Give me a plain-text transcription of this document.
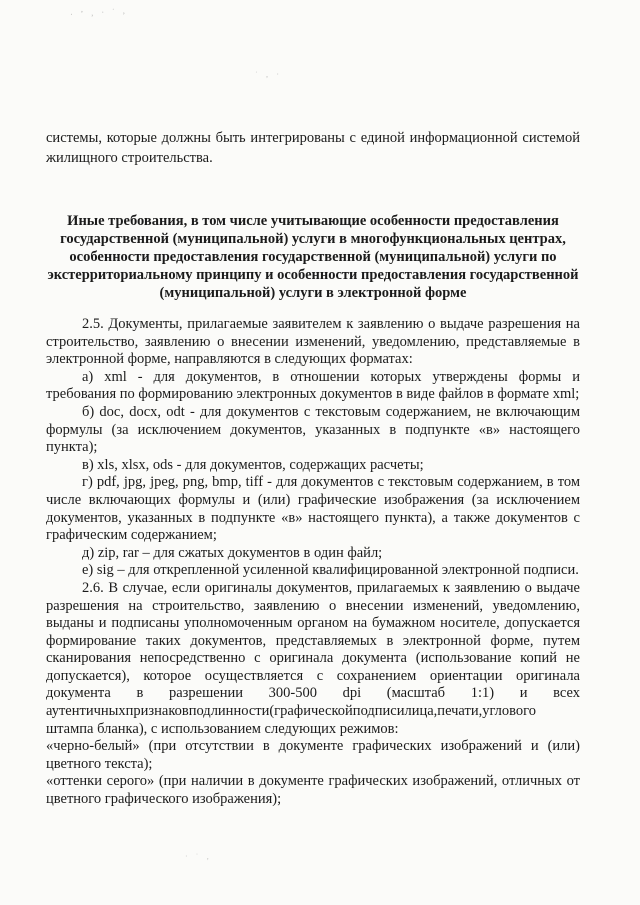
· ’ ‚ · ˙ ,
˙ ‚ ·
· ˙ ‚

системы, которые должны быть интегрированы с единой информационной системой жилищного строительства.

Иные требования, в том числе учитывающие особенности предоставления государственной (муниципальной) услуги в многофункциональных центрах, особенности предоставления государственной (муниципальной) услуги по экстерриториальному принципу и особенности предоставления государственной (муниципальной) услуги в электронной форме

2.5. Документы, прилагаемые заявителем к заявлению о выдаче разрешения на строительство, заявлению о внесении изменений, уведомлению, представляемые в электронной форме, направляются в следующих форматах:

а) xml - для документов, в отношении которых утверждены формы и требования по формированию электронных документов в виде файлов в формате xml;

б) doc, docx, odt - для документов с текстовым содержанием, не включающим формулы (за исключением документов, указанных в подпункте «в» настоящего пункта);

в) xls, xlsx, ods - для документов, содержащих расчеты;

г) pdf, jpg, jpeg, png, bmp, tiff - для документов с текстовым содержанием, в том числе включающих формулы и (или) графические изображения (за исключением документов, указанных в подпункте «в» настоящего пункта), а также документов с графическим содержанием;

д) zip, rar – для сжатых документов в один файл;

е) sig – для открепленной усиленной квалифицированной электронной подписи.

2.6. В случае, если оригиналы документов, прилагаемых к заявлению о выдаче разрешения на строительство, заявлению о внесении изменений, уведомлению, выданы и подписаны уполномоченным органом на бумажном носителе, допускается формирование таких документов, представляемых в электронной форме, путем сканирования непосредственно с оригинала документа (использование копий не допускается), которое осуществляется с сохранением ориентации оригинала документа в разрешении 300-500 dpi (масштаб 1:1) и всех аутентичныхпризнаковподлинности(графическойподписилица,печати,углового штампа бланка), с использованием следующих режимов:

«черно-белый» (при отсутствии в документе графических изображений и (или) цветного текста);

«оттенки серого» (при наличии в документе графических изображений, отличных от цветного графического изображения);
